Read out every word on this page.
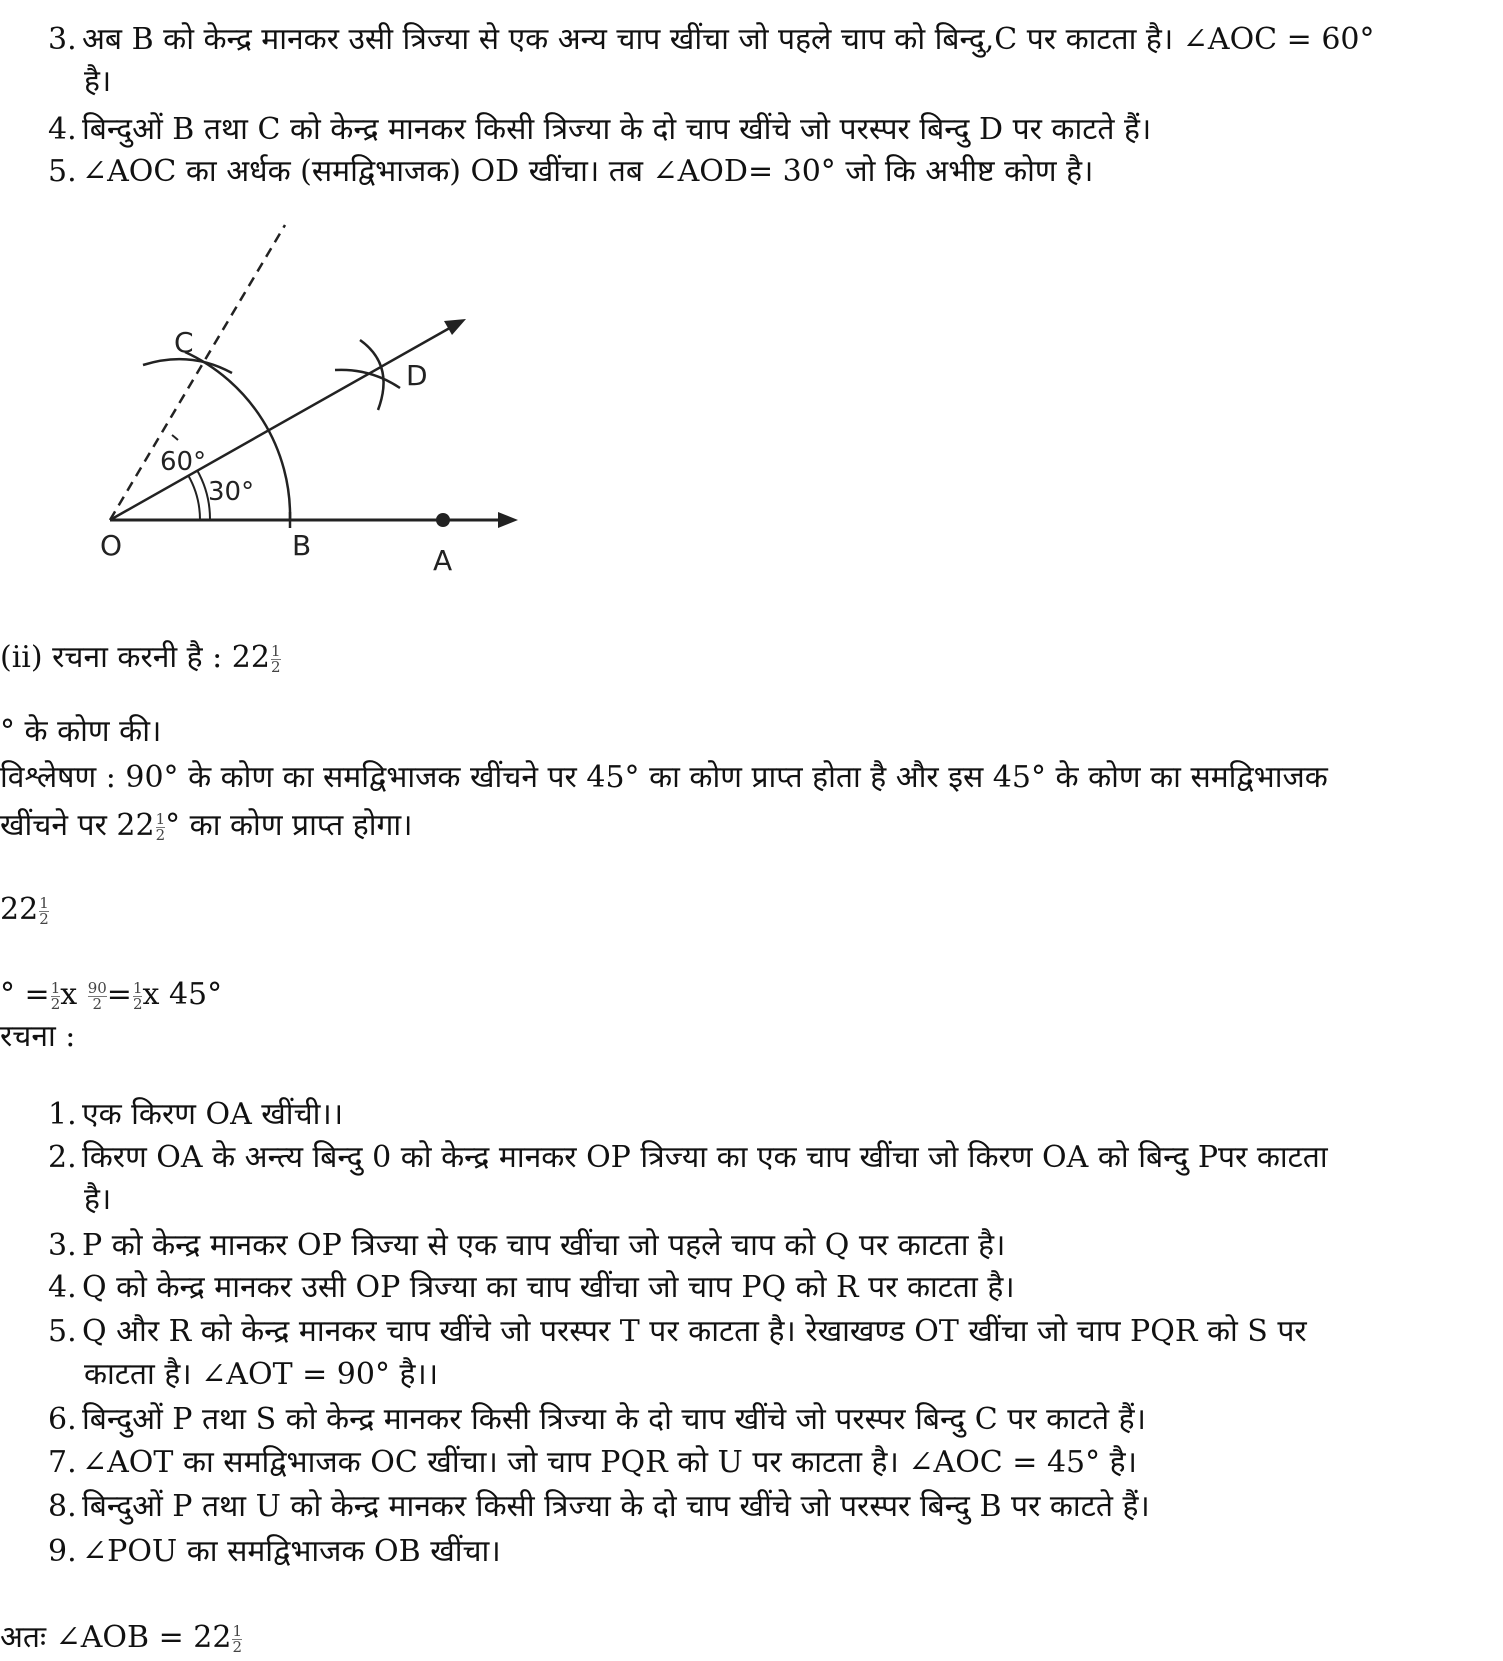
3. अब B को केन्द्र मानकर उसी त्रिज्या से एक अन्य चाप खींचा जो पहले चाप को बिन्दु,C पर काटता है। ∠AOC = 60°
है।
4. बिन्दुओं B तथा C को केन्द्र मानकर किसी त्रिज्या के दो चाप खींचे जो परस्पर बिन्दु D पर काटते हैं।
5. ∠AOC का अर्धक (समद्विभाजक) OD खींचा। तब ∠AOD= 30° जो कि अभीष्ट कोण है।
O	B	A
C
D
60°
30°
(ii) रचना करनी है : $22 \frac{1}{2}$
° के कोण की।
विश्लेषण : 90° के कोण का समद्विभाजक खींचने पर 45° का कोण प्राप्त होता है और इस 45° के कोण का समद्विभाजक
खींचने पर $22 \frac{1}{2}$ ° का कोण प्राप्त होगा।
$22 \frac{1}{2}$
° = $\frac{1}{2}$ x $\frac{90}{2} = \frac{1}{2}$ x 45°
रचना :
1. एक किरण OA खींची।।
2. किरण OA के अन्त्य बिन्दु 0 को केन्द्र मानकर OP त्रिज्या का एक चाप खींचा जो किरण OA को बिन्दु Pपर काटता
है।
3. P को केन्द्र मानकर OP त्रिज्या से एक चाप खींचा जो पहले चाप को Q पर काटता है।
4. Q को केन्द्र मानकर उसी OP त्रिज्या का चाप खींचा जो चाप PQ को R पर काटता है।
5. Q और R को केन्द्र मानकर चाप खींचे जो परस्पर T पर काटता है। रेखाखण्ड OT खींचा जो चाप PQR को S पर
काटता है। ∠AOT = 90° है।।
6. बिन्दुओं P तथा S को केन्द्र मानकर किसी त्रिज्या के दो चाप खींचे जो परस्पर बिन्दु C पर काटते हैं।
7. ∠AOT का समद्विभाजक OC खींचा। जो चाप PQR को U पर काटता है। ∠AOC = 45° है।
8. बिन्दुओं P तथा U को केन्द्र मानकर किसी त्रिज्या के दो चाप खींचे जो परस्पर बिन्दु B पर काटते हैं।
9. ∠POU का समद्विभाजक OB खींचा।
अतः ∠AOB = $22 \frac{1}{2}$
